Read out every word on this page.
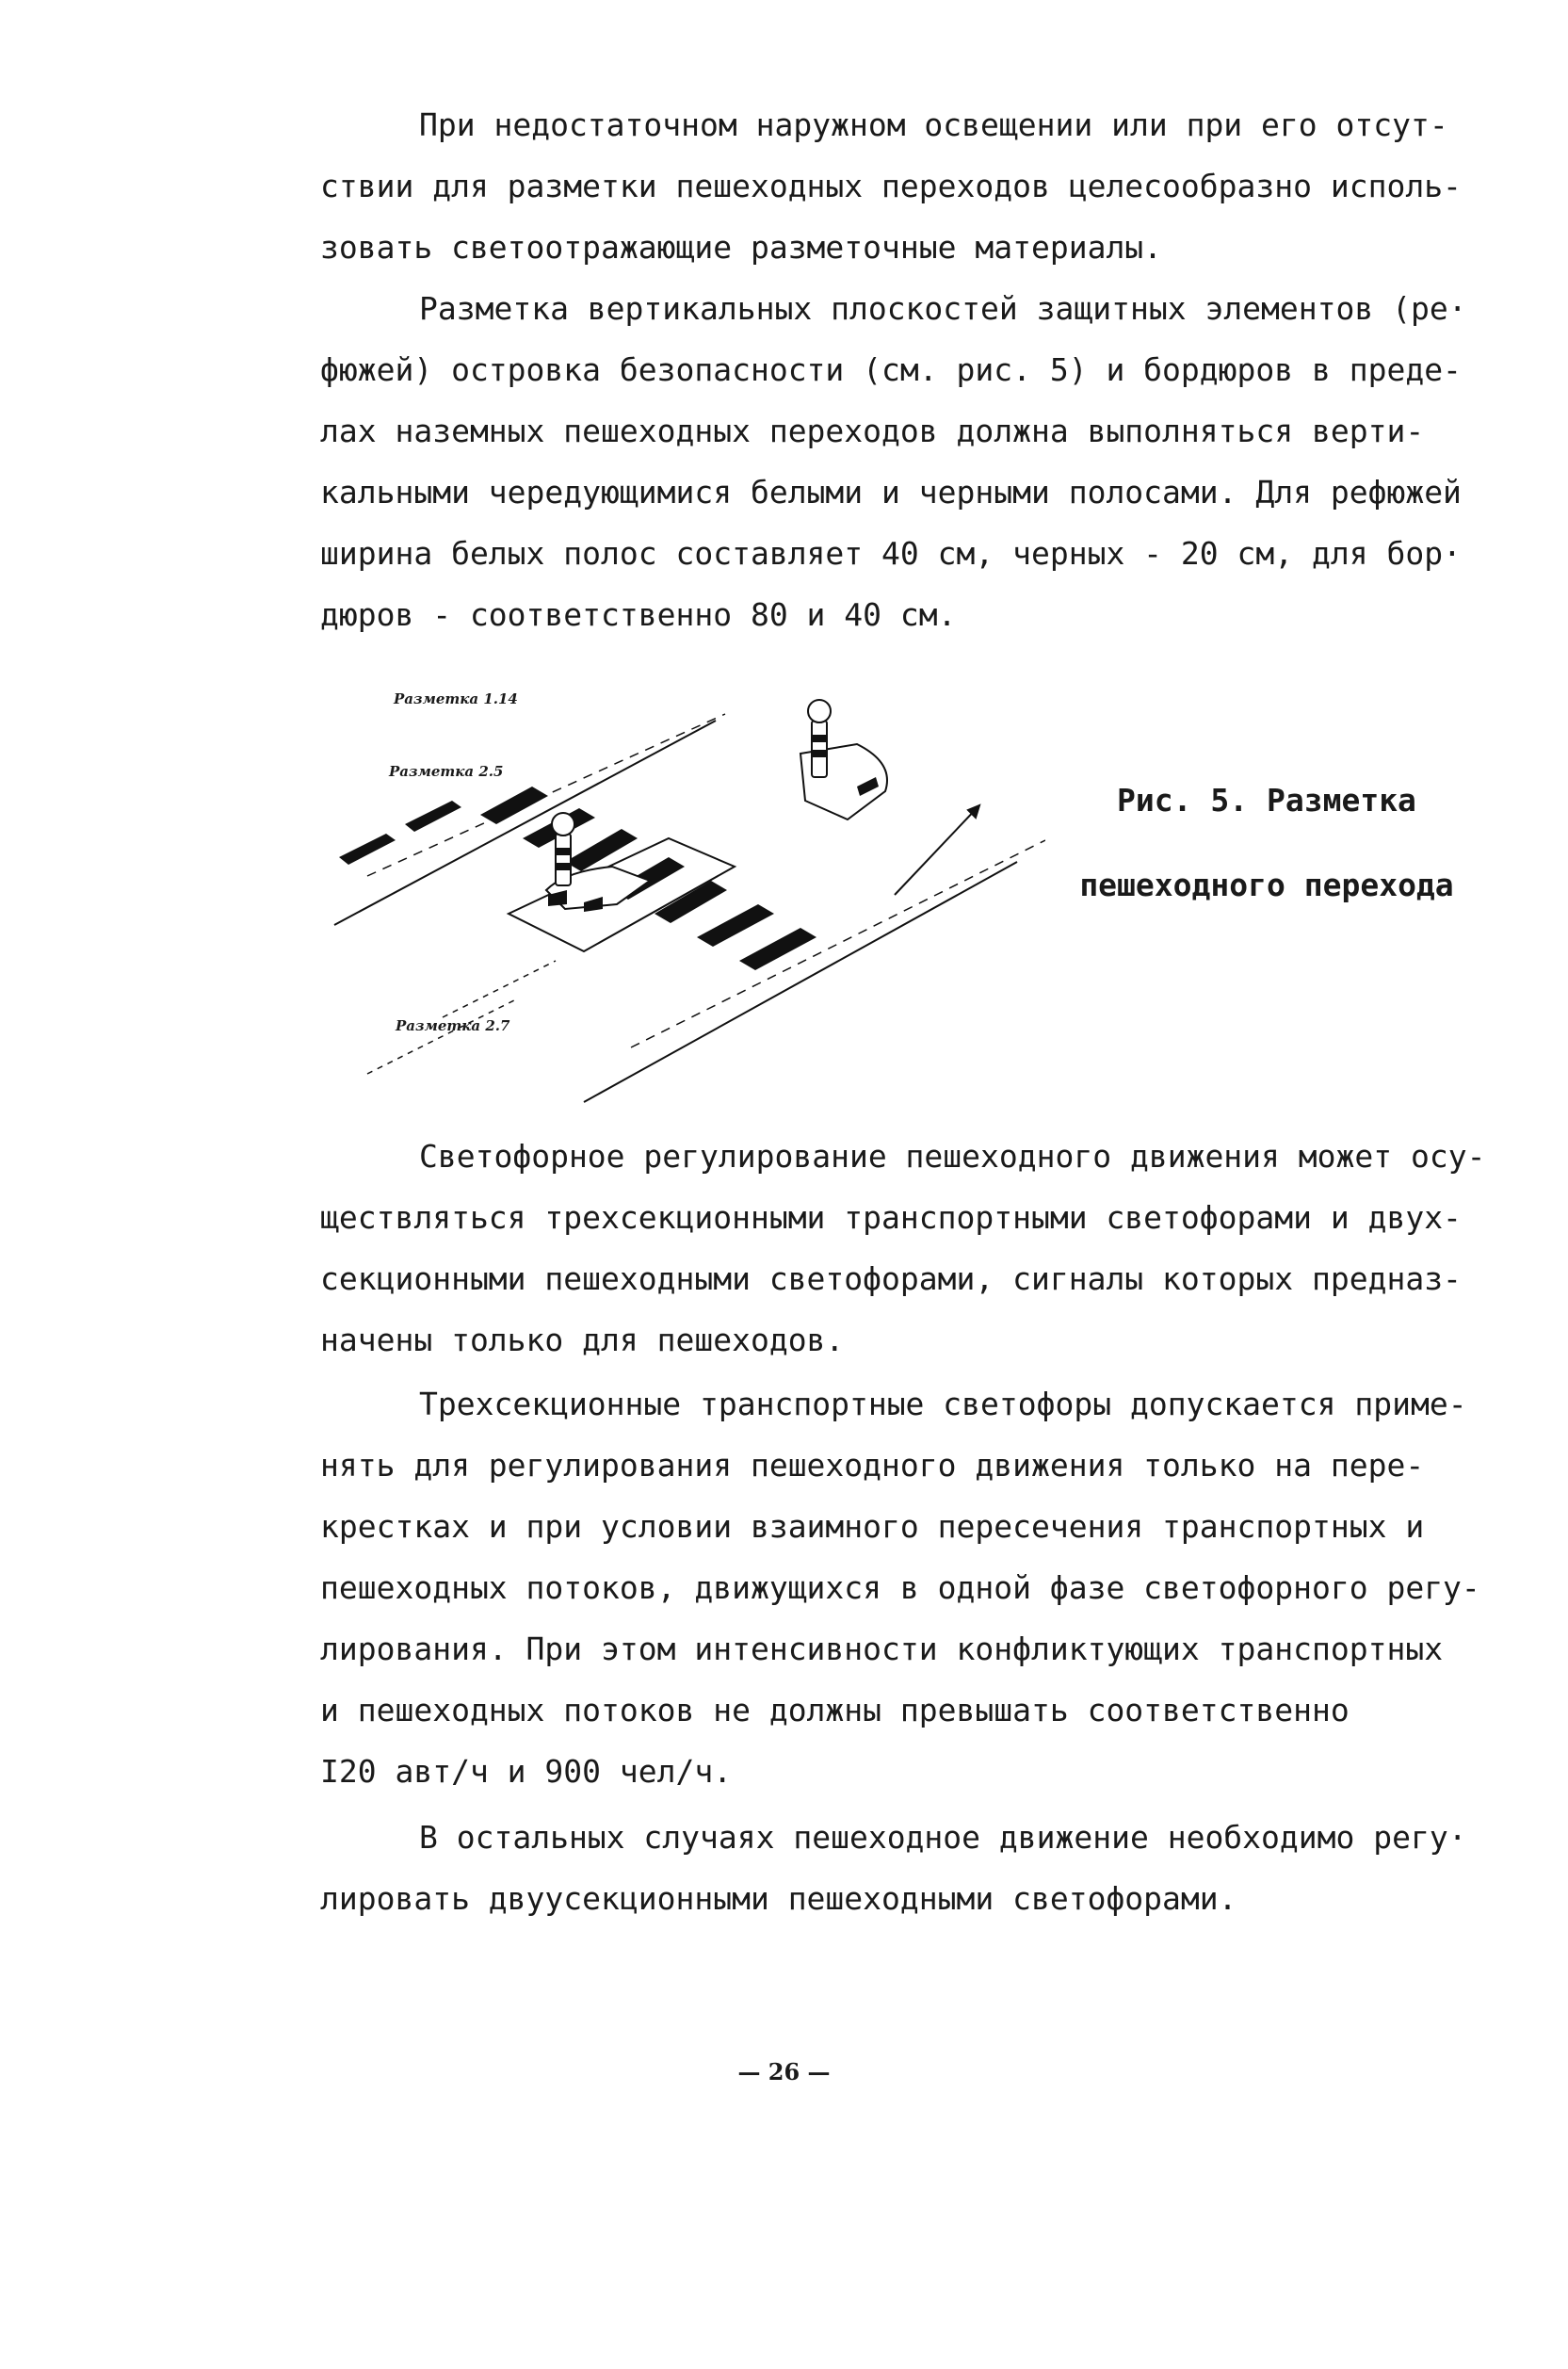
При недостаточном наружном освещении или при его отсут-
ствии для разметки пешеходных переходов целесообразно исполь-
зовать светоотражающие разметочные материалы.
Разметка вертикальных плоскостей защитных элементов (ре·
фюжей) островка безопасности (см. рис. 5) и бордюров в преде-
лах наземных пешеходных переходов должна выполняться верти-
кальными чередующимися белыми и черными полосами. Для рефюжей
ширина белых полос составляет 40 см, черных - 20 см, для бор·
дюров - соответственно 80 и 40 см.
Разметка 1.14
Разметка 2.5
Разметка 2.7
Рис. 5. Разметка
пешеходного перехода
Светофорное регулирование пешеходного движения может осу-
ществляться трехсекционными транспортными светофорами и двух-
секционными пешеходными светофорами, сигналы которых предназ-
начены только для пешеходов.
Трехсекционные транспортные светофоры допускается приме-
нять для регулирования пешеходного движения только на пере-
крестках и при условии взаимного пересечения транспортных и
пешеходных потоков, движущихся в одной фазе светофорного регу-
лирования. При этом интенсивности конфликтующих транспортных
и пешеходных потоков не должны превышать соответственно
I20 авт/ч и 900 чел/ч.
В остальных случаях пешеходное движение необходимо регу·
лировать двуусекционными пешеходными светофорами.
— 26 —
